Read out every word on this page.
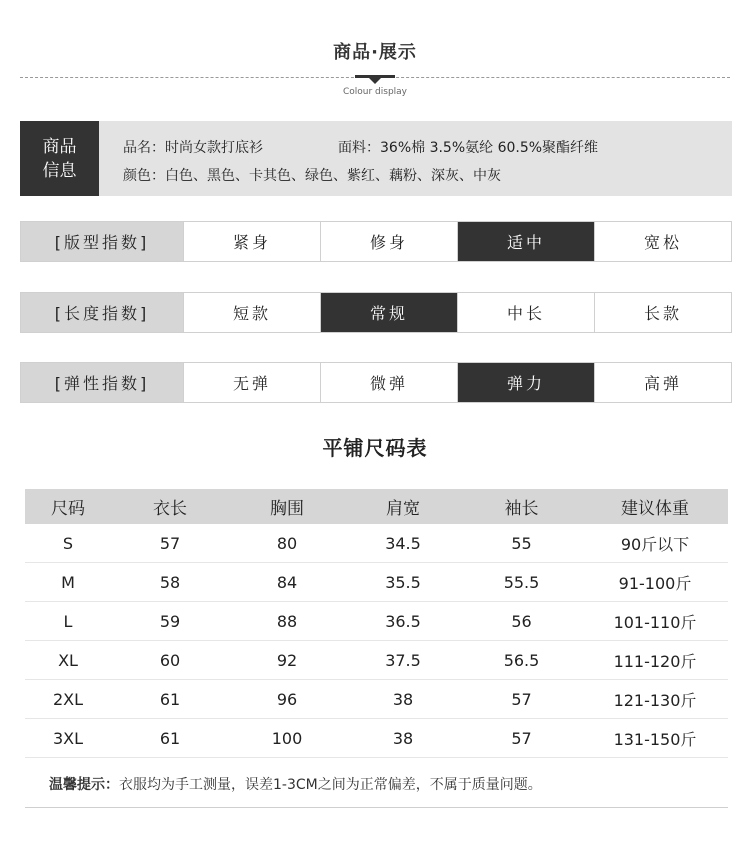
商品·展示
Colour display
商品
信息
品名：时尚女款打底衫	面料：36%棉 3.5%氨纶 60.5%聚酯纤维
颜色：白色、黑色、卡其色、绿色、紫红、藕粉、深灰、中灰
[版型指数]	紧身	修身	适中	宽松
[长度指数]	短款	常规	中长	长款
[弹性指数]	无弹	微弹	弹力	高弹
平铺尺码表
尺码	衣长	胸围	肩宽	袖长	建议体重
S	57	80	34.5	55	90斤以下
M	58	84	35.5	55.5	91-100斤
L	59	88	36.5	56	101-110斤
XL	60	92	37.5	56.5	111-120斤
2XL	61	96	38	57	121-130斤
3XL	61	100	38	57	131-150斤
温馨提示：衣服均为手工测量，误差1-3CM之间为正常偏差，不属于质量问题。
